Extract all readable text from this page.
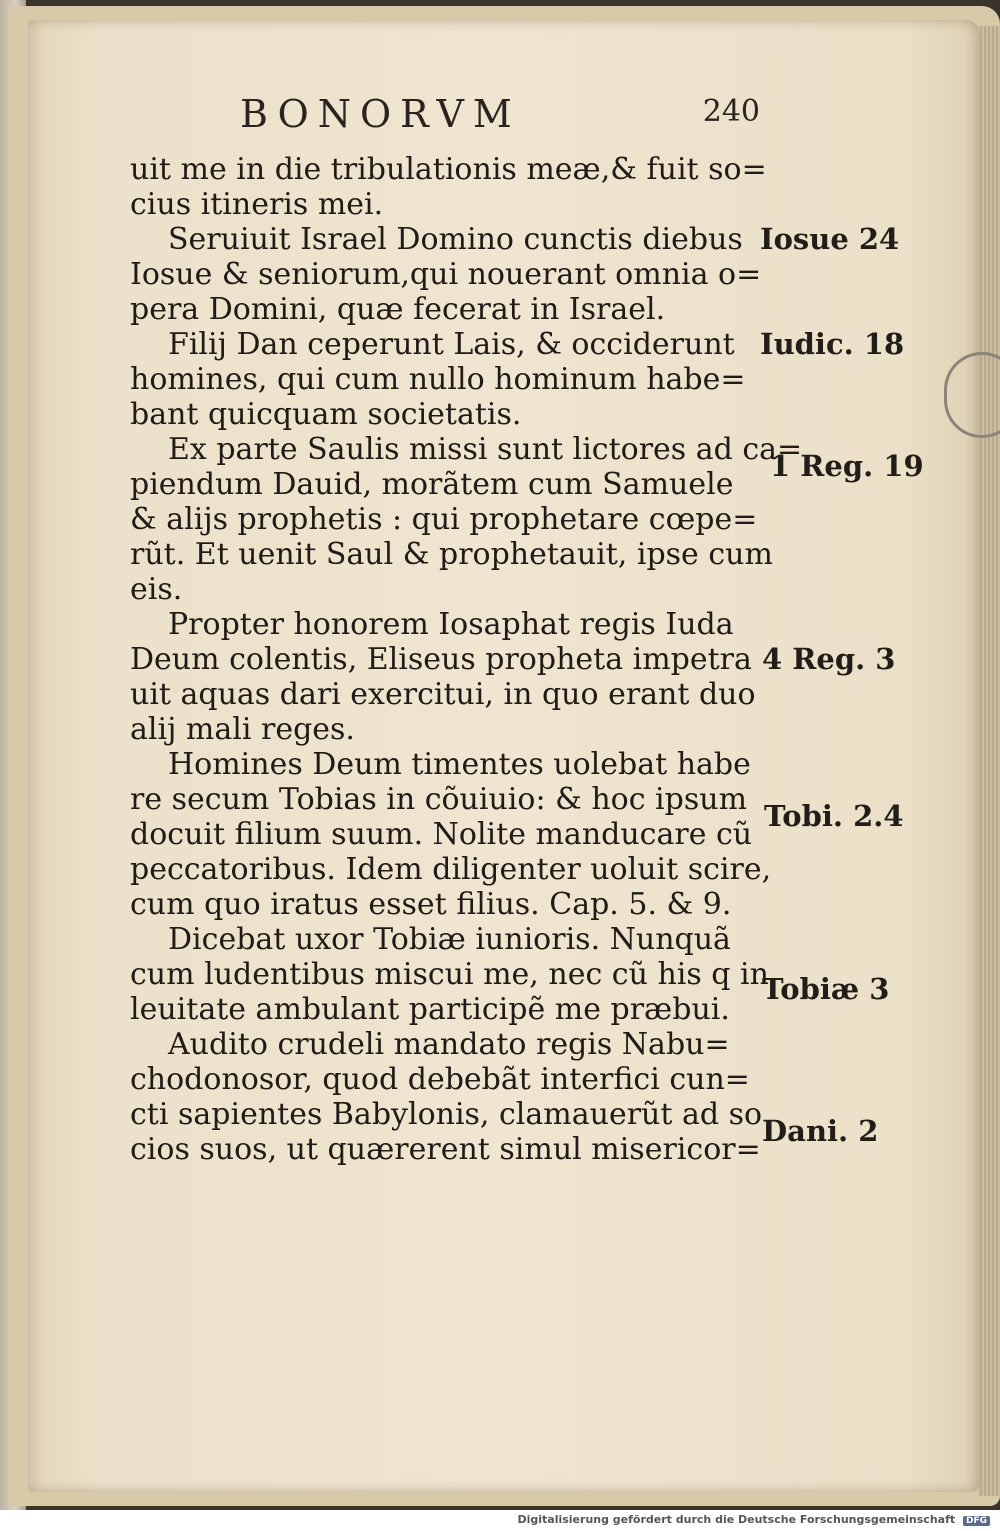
BONORVM	240
uit me in die tribulationis meæ,& fuit so=
cius itineris mei.
Seruiuit Israel Domino cunctis diebus
Iosue & seniorum,qui nouerant omnia o=
pera Domini, quæ fecerat in Israel.
Filij Dan ceperunt Lais, & occiderunt
homines, qui cum nullo hominum habe=
bant quicquam societatis.
Ex parte Saulis missi sunt lictores ad ca=
piendum Dauid, morãtem cum Samuele
& alijs prophetis : qui prophetare cœpe=
rũt. Et uenit Saul & prophetauit, ipse cum
eis.
Propter honorem Iosaphat regis Iuda
Deum colentis, Eliseus propheta impetra
uit aquas dari exercitui, in quo erant duo
alij mali reges.
Homines Deum timentes uolebat habe
re secum Tobias in cõuiuio: & hoc ipsum
docuit filium suum. Nolite manducare cũ
peccatoribus. Idem diligenter uoluit scire,
cum quo iratus esset filius. Cap. 5. & 9.
Dicebat uxor Tobiæ iunioris. Nunquã
cum ludentibus miscui me, nec cũ his q in
leuitate ambulant participẽ me præbui.
Audito crudeli mandato regis Nabu=
chodonosor, quod debebãt interfici cun=
cti sapientes Babylonis, clamauerũt ad so
cios suos, ut quærerent simul misericor=
Iosue 24
Iudic. 18
1 Reg. 19
4 Reg. 3
Tobi. 2.4
Tobiæ 3
Dani. 2
Digitalisierung gefördert durch die Deutsche Forschungsgemeinschaft DFG
